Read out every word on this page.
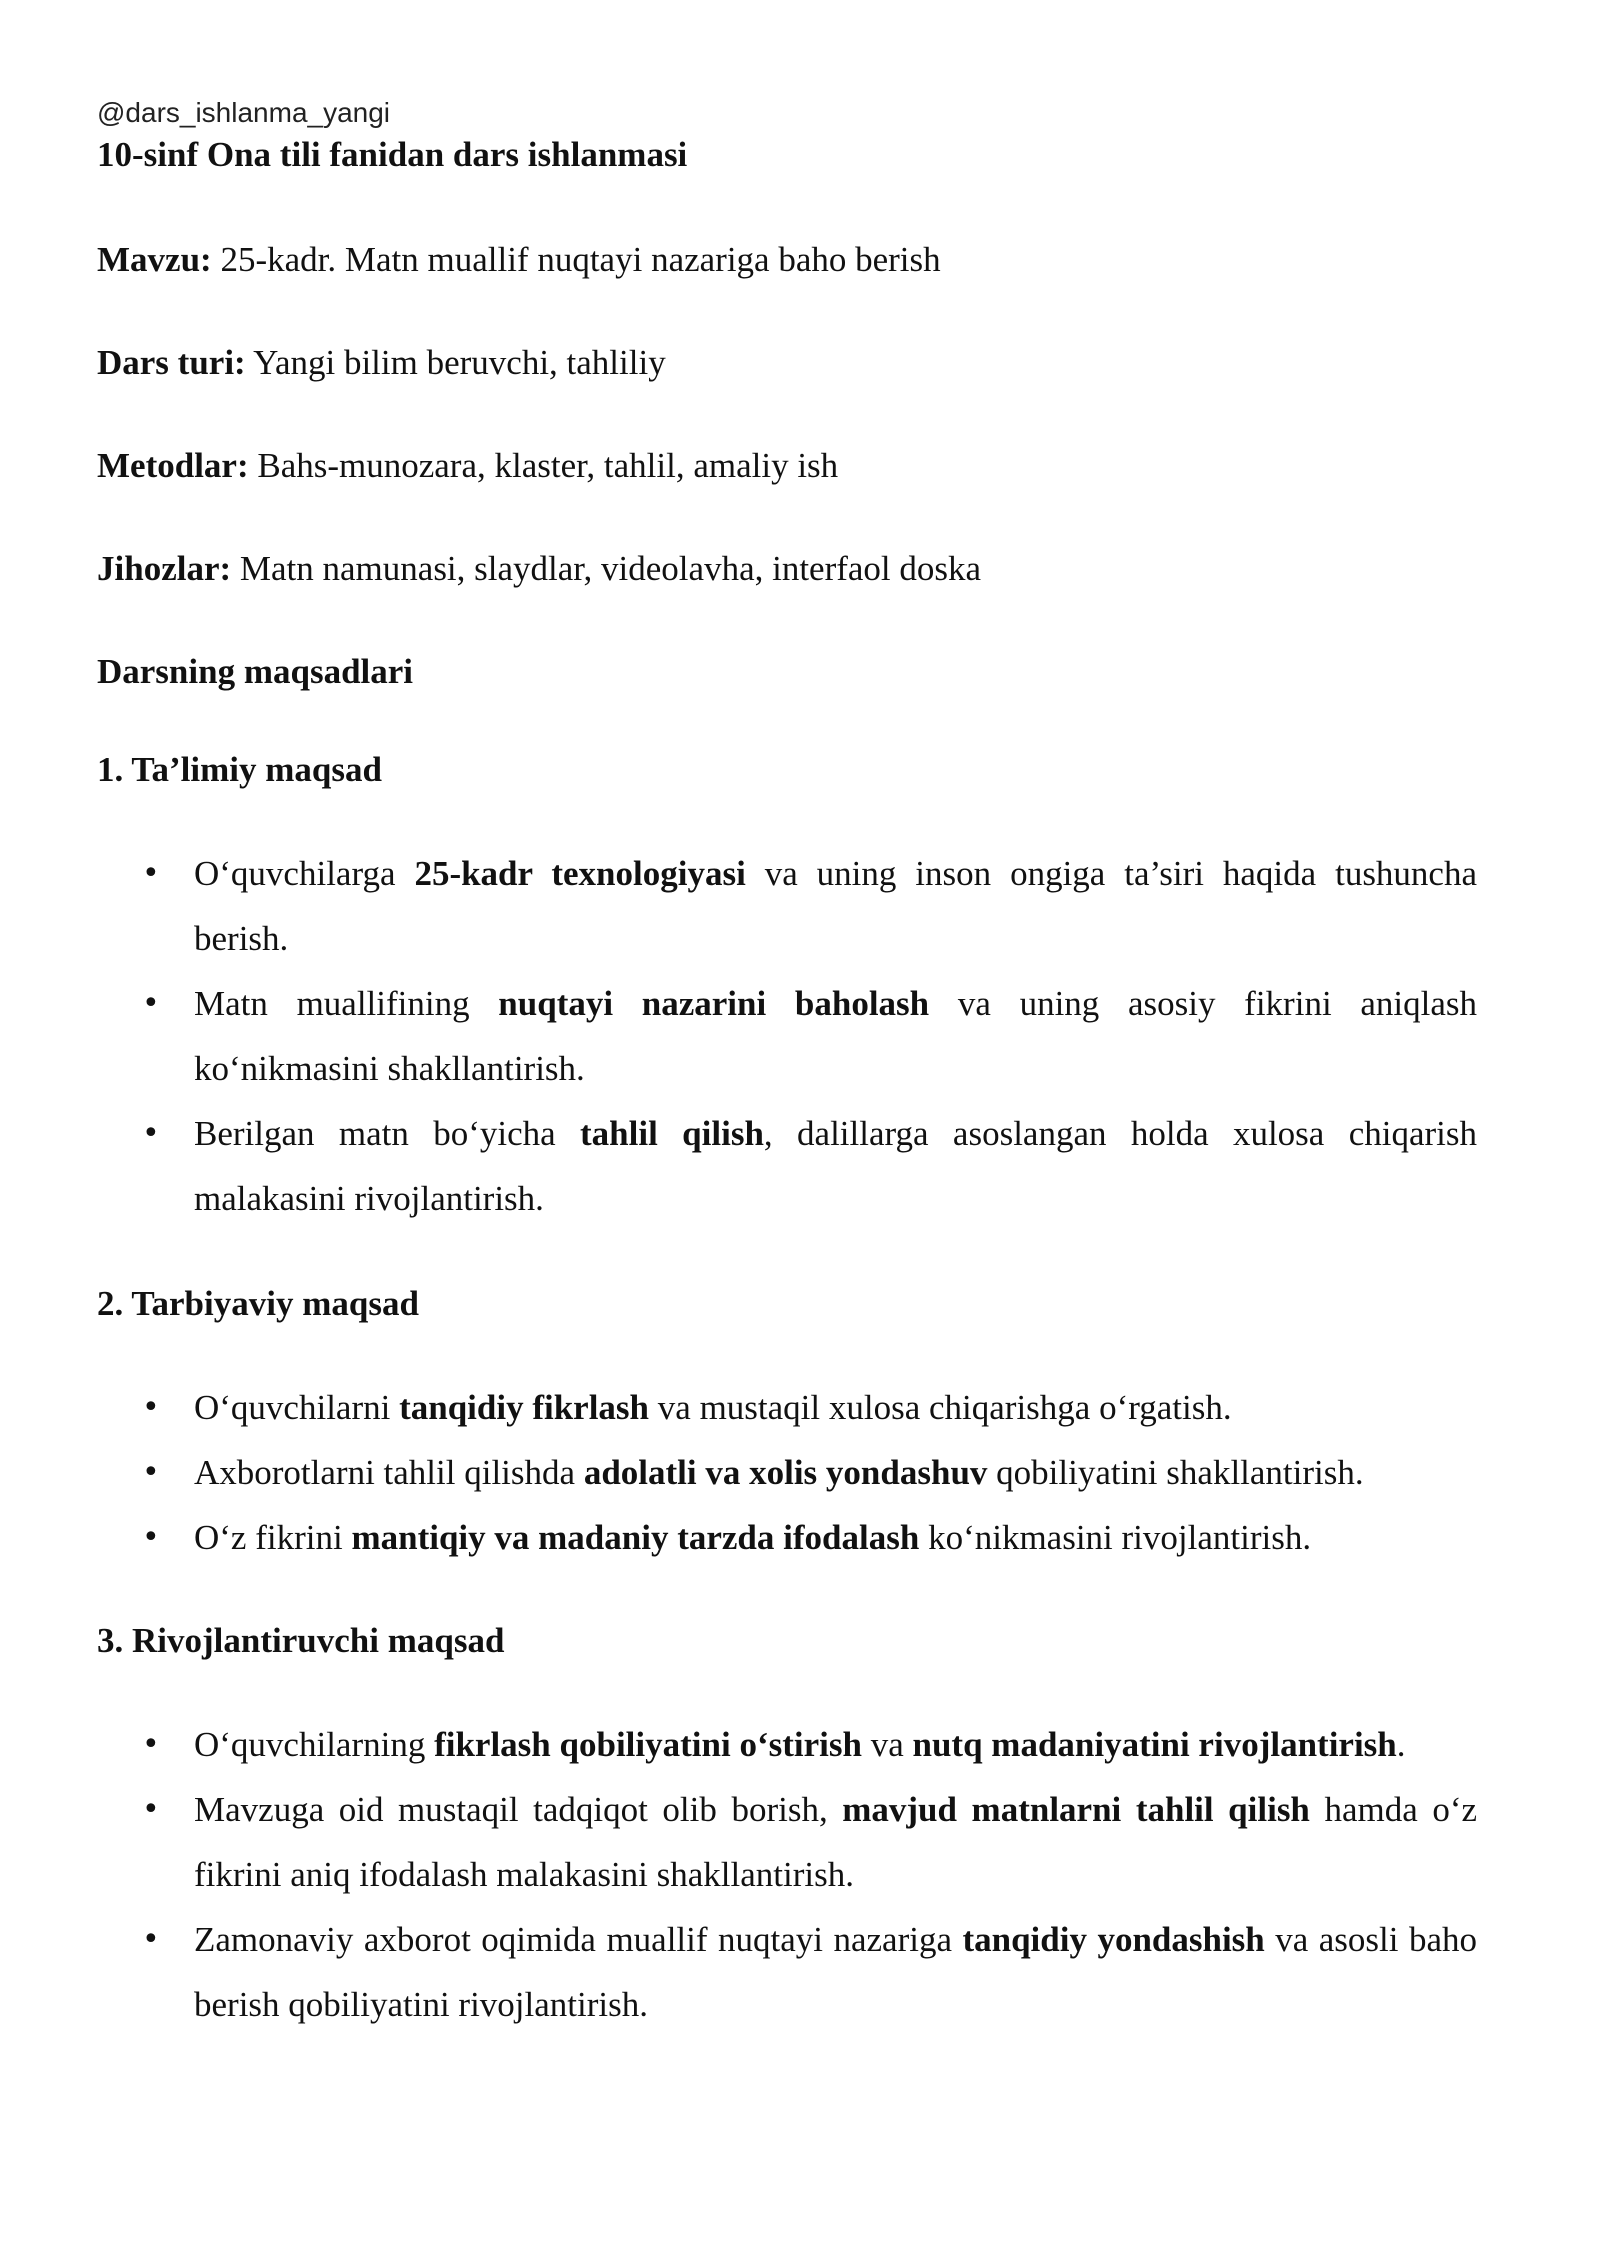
@dars_ishlanma_yangi
10-sinf Ona tili fanidan dars ishlanmasi
Mavzu: 25-kadr. Matn muallif nuqtayi nazariga baho berish
Dars turi: Yangi bilim beruvchi, tahliliy
Metodlar: Bahs-munozara, klaster, tahlil, amaliy ish
Jihozlar: Matn namunasi, slaydlar, videolavha, interfaol doska
Darsning maqsadlari
1. Ta’limiy maqsad
• O‘quvchilarga 25-kadr texnologiyasi va uning inson ongiga ta’siri haqida tushuncha berish.
• Matn muallifining nuqtayi nazarini baholash va uning asosiy fikrini aniqlash ko‘nikmasini shakllantirish.
• Berilgan matn bo‘yicha tahlil qilish, dalillarga asoslangan holda xulosa chiqarish malakasini rivojlantirish.
2. Tarbiyaviy maqsad
• O‘quvchilarni tanqidiy fikrlash va mustaqil xulosa chiqarishga o‘rgatish.
• Axborotlarni tahlil qilishda adolatli va xolis yondashuv qobiliyatini shakllantirish.
• O‘z fikrini mantiqiy va madaniy tarzda ifodalash ko‘nikmasini rivojlantirish.
3. Rivojlantiruvchi maqsad
• O‘quvchilarning fikrlash qobiliyatini o‘stirish va nutq madaniyatini rivojlantirish.
• Mavzuga oid mustaqil tadqiqot olib borish, mavjud matnlarni tahlil qilish hamda o‘z fikrini aniq ifodalash malakasini shakllantirish.
• Zamonaviy axborot oqimida muallif nuqtayi nazariga tanqidiy yondashish va asosli baho berish qobiliyatini rivojlantirish.
